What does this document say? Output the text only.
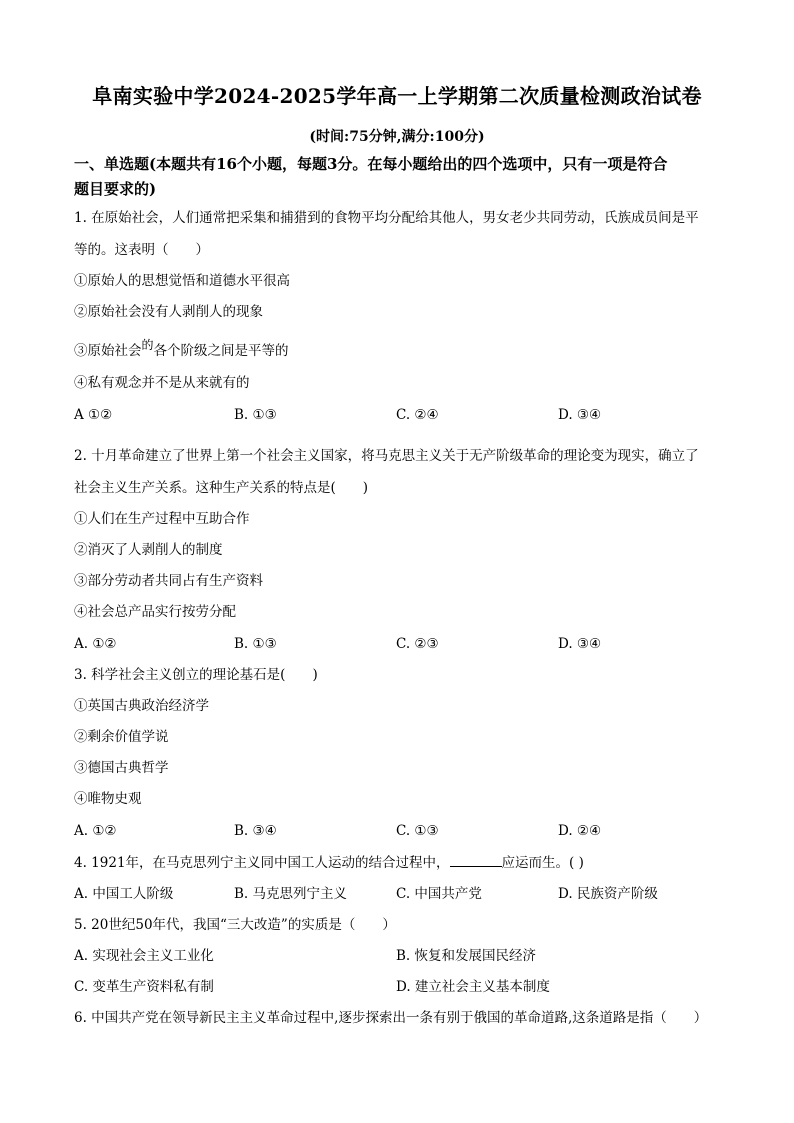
阜南实验中学2024-2025学年高一上学期第二次质量检测政治试卷
(时间:75分钟,满分:100分)
一、单选题(本题共有16个小题，每题3分。在每小题给出的四个选项中，只有一项是符合
题目要求的)
1. 在原始社会，人们通常把采集和捕猎到的食物平均分配给其他人，男女老少共同劳动，氏族成员间是平
等的。这表明（　　）
①原始人的思想觉悟和道德水平很高
②原始社会没有人剥削人的现象
③原始社会的各个阶级之间是平等的
④私有观念并不是从来就有的
A ①②	B. ①③	C. ②④	D. ③④
2. 十月革命建立了世界上第一个社会主义国家，将马克思主义关于无产阶级革命的理论变为现实，确立了
社会主义生产关系。这种生产关系的特点是(　　)
①人们在生产过程中互助合作
②消灭了人剥削人的制度
③部分劳动者共同占有生产资料
④社会总产品实行按劳分配
A. ①②	B. ①③	C. ②③	D. ③④
3. 科学社会主义创立的理论基石是(　　)
①英国古典政治经济学
②剩余价值学说
③德国古典哲学
④唯物史观
A. ①②	B. ③④	C. ①③	D. ②④
4. 1921年，在马克思列宁主义同中国工人运动的结合过程中，	应运而生。( )
A. 中国工人阶级	B. 马克思列宁主义	C. 中国共产党	D. 民族资产阶级
5. 20世纪50年代，我国“三大改造”的实质是（　　）
A. 实现社会主义工业化	B. 恢复和发展国民经济
C. 变革生产资料私有制	D. 建立社会主义基本制度
6. 中国共产党在领导新民主主义革命过程中,逐步探索出一条有别于俄国的革命道路,这条道路是指（　　）
